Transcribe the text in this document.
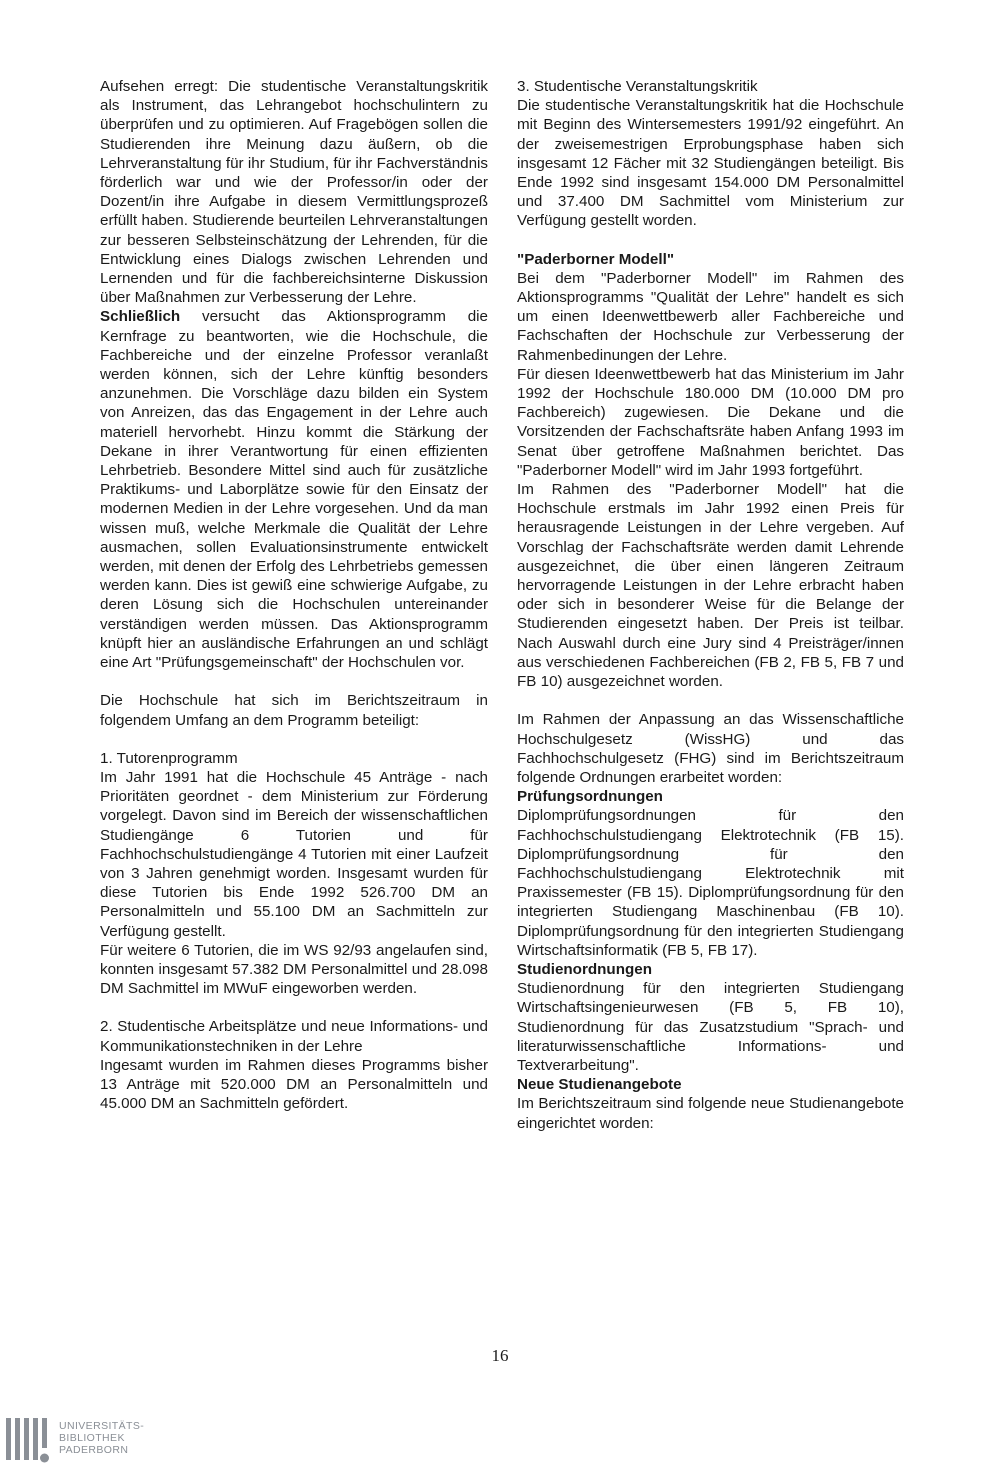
Aufsehen erregt: Die studentische Veranstaltungskritik als Instrument, das Lehrangebot hochschulintern zu überprüfen und zu optimieren. Auf Fragebögen sollen die Studierenden ihre Meinung dazu äußern, ob die Lehrveranstaltung für ihr Studium, für ihr Fachverständnis förderlich war und wie der Professor/in oder der Dozent/in ihre Aufgabe in diesem Vermittlungsprozeß erfüllt haben. Studierende beurteilen Lehrveranstaltungen zur besseren Selbsteinschätzung der Lehrenden, für die Entwicklung eines Dialogs zwischen Lehrenden und Lernenden und für die fachbereichsinterne Diskussion über Maßnahmen zur Verbesserung der Lehre.

Schließlich versucht das Aktionsprogramm die Kernfrage zu beantworten, wie die Hochschule, die Fachbereiche und der einzelne Professor veranlaßt werden können, sich der Lehre künftig besonders anzunehmen. Die Vorschläge dazu bilden ein System von Anreizen, das das Engagement in der Lehre auch materiell hervorhebt. Hinzu kommt die Stärkung der Dekane in ihrer Verantwortung für einen effizienten Lehrbetrieb. Besondere Mittel sind auch für zusätzliche Praktikums- und Laborplätze sowie für den Einsatz der modernen Medien in der Lehre vorgesehen. Und da man wissen muß, welche Merkmale die Qualität der Lehre ausmachen, sollen Evaluationsinstrumente entwickelt werden, mit denen der Erfolg des Lehrbetriebs gemessen werden kann. Dies ist gewiß eine schwierige Aufgabe, zu deren Lösung sich die Hochschulen untereinander verständigen werden müssen. Das Aktionsprogramm knüpft hier an ausländische Erfahrungen an und schlägt eine Art "Prüfungsgemeinschaft" der Hochschulen vor.

Die Hochschule hat sich im Berichtszeitraum in folgendem Umfang an dem Programm beteiligt:

1. Tutorenprogramm

Im Jahr 1991 hat die Hochschule 45 Anträge - nach Prioritäten geordnet - dem Ministerium zur Förderung vorgelegt. Davon sind im Bereich der wissenschaftlichen Studiengänge 6 Tutorien und für Fachhochschulstudiengänge 4 Tutorien mit einer Laufzeit von 3 Jahren genehmigt worden. Insgesamt wurden für diese Tutorien bis Ende 1992 526.700 DM an Personalmitteln und 55.100 DM an Sachmitteln zur Verfügung gestellt.

Für weitere 6 Tutorien, die im WS 92/93 angelaufen sind, konnten insgesamt 57.382 DM Personalmittel und 28.098 DM Sachmittel im MWuF eingeworben werden.

2. Studentische Arbeitsplätze und neue Informations- und Kommunikationstechniken in der Lehre

Ingesamt wurden im Rahmen dieses Programms bisher 13 Anträge mit 520.000 DM an Personalmitteln und 45.000 DM an Sachmitteln gefördert.

3. Studentische Veranstaltungskritik

Die studentische Veranstaltungskritik hat die Hochschule mit Beginn des Wintersemesters 1991/92 eingeführt. An der zweisemestrigen Erprobungsphase haben sich insgesamt 12 Fächer mit 32 Studiengängen beteiligt. Bis Ende 1992 sind insgesamt 154.000 DM Personalmittel und 37.400 DM Sachmittel vom Ministerium zur Verfügung gestellt worden.

"Paderborner Modell"

Bei dem "Paderborner Modell" im Rahmen des Aktionsprogramms "Qualität der Lehre" handelt es sich um einen Ideenwettbewerb aller Fachbereiche und Fachschaften der Hochschule zur Verbesserung der Rahmenbedinungen der Lehre.

Für diesen Ideenwettbewerb hat das Ministerium im Jahr 1992 der Hochschule 180.000 DM (10.000 DM pro Fachbereich) zugewiesen. Die Dekane und die Vorsitzenden der Fachschaftsräte haben Anfang 1993 im Senat über getroffene Maßnahmen berichtet. Das "Paderborner Modell" wird im Jahr 1993 fortgeführt.

Im Rahmen des "Paderborner Modell" hat die Hochschule erstmals im Jahr 1992 einen Preis für herausragende Leistungen in der Lehre vergeben. Auf Vorschlag der Fachschaftsräte werden damit Lehrende ausgezeichnet, die über einen längeren Zeitraum hervorragende Leistungen in der Lehre erbracht haben oder sich in besonderer Weise für die Belange der Studierenden eingesetzt haben. Der Preis ist teilbar. Nach Auswahl durch eine Jury sind 4 Preisträger/innen aus verschiedenen Fachbereichen (FB 2, FB 5, FB 7 und FB 10) ausgezeichnet worden.

Im Rahmen der Anpassung an das Wissenschaftliche Hochschulgesetz (WissHG) und das Fachhochschulgesetz (FHG) sind im Berichtszeitraum folgende Ordnungen erarbeitet worden:

Prüfungsordnungen

Diplomprüfungsordnungen für den Fachhochschulstudiengang Elektrotechnik (FB 15). Diplomprüfungsordnung für den Fachhochschulstudiengang Elektrotechnik mit Praxissemester (FB 15). Diplomprüfungsordnung für den integrierten Studiengang Maschinenbau (FB 10). Diplomprüfungsordnung für den integrierten Studiengang Wirtschaftsinformatik (FB 5, FB 17).

Studienordnungen

Studienordnung für den integrierten Studiengang Wirtschaftsingenieurwesen (FB 5, FB 10), Studienordnung für das Zusatzstudium "Sprach- und literaturwissenschaftliche Informations- und Textverarbeitung".

Neue Studienangebote

Im Berichtszeitraum sind folgende neue Studienangebote eingerichtet worden:

16
UNIVERSITÄTS-
BIBLIOTHEK
PADERBORN
